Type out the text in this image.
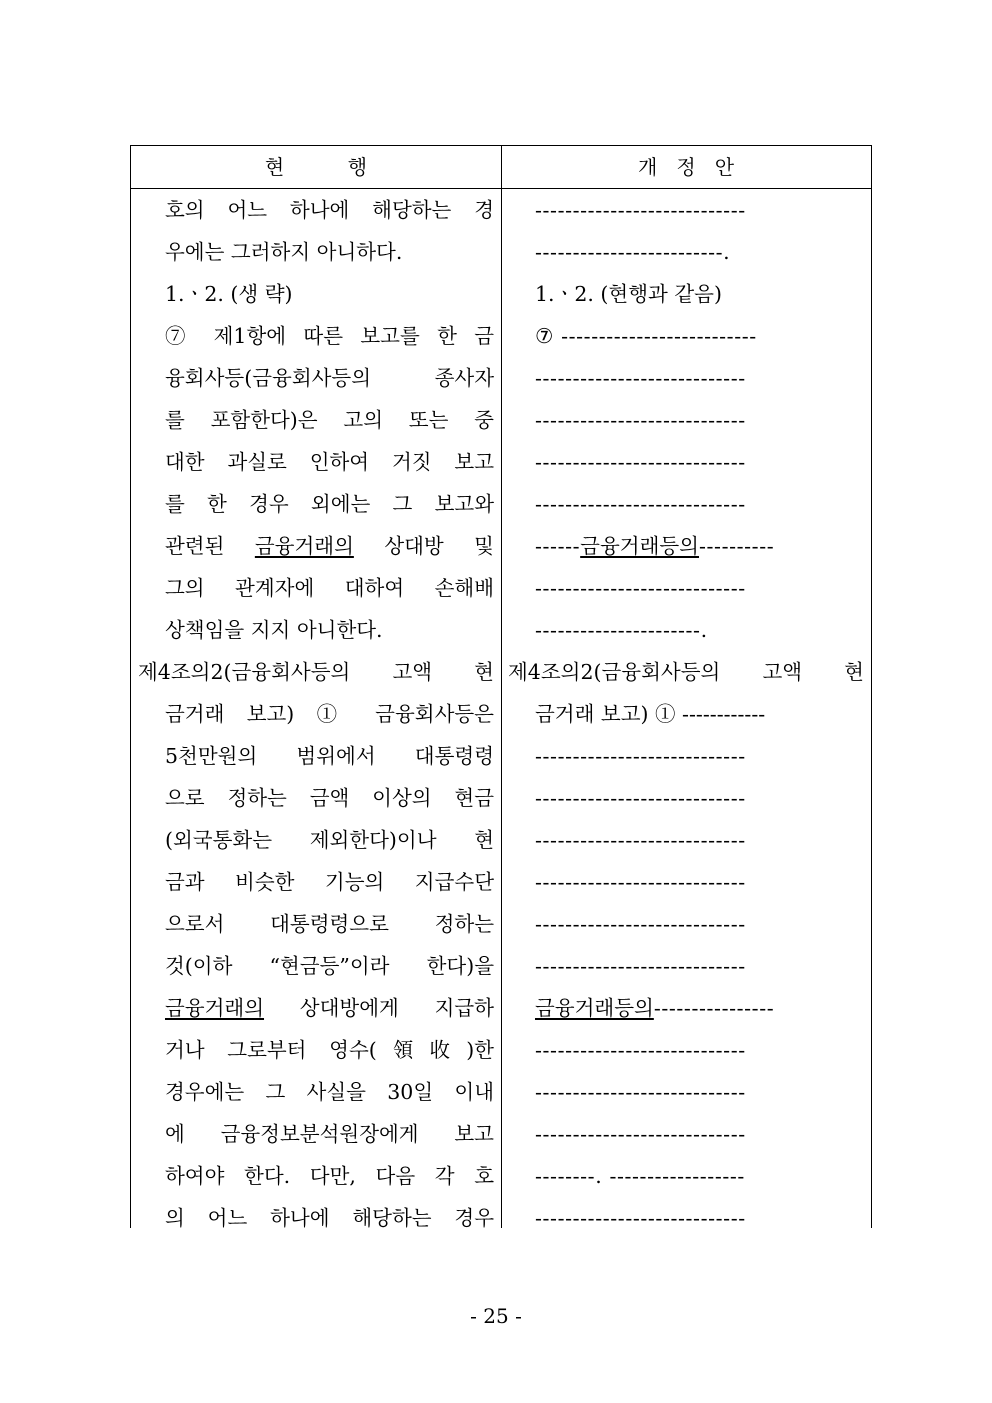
현          행	개   정   안
호의 어느 하나에 해당하는 경
우에는 그러하지 아니하다.
1.ㆍ2. (생 략)
⑦ 제1항에 따른 보고를 한 금
융회사등(금융회사등의 종사자
를 포함한다)은 고의 또는 중
대한 과실로 인하여 거짓 보고
를 한 경우 외에는 그 보고와
관련된 금융거래의 상대방 및
그의 관계자에 대하여 손해배
상책임을 지지 아니한다.
제4조의2(금융회사등의 고액 현
금거래 보고) ① 금융회사등은
5천만원의 범위에서 대통령령
으로 정하는 금액 이상의 현금
(외국통화는 제외한다)이나 현
금과 비슷한 기능의 지급수단
으로서 대통령령으로 정하는
것(이하 “현금등”이라 한다)을
금융거래의 상대방에게 지급하
거나 그로부터 영수(領收)한
경우에는 그 사실을 30일 이내
에 금융정보분석원장에게 보고
하여야 한다. 다만, 다음 각 호
의 어느 하나에 해당하는 경우
----------------------------
-------------------------.
1.ㆍ2. (현행과 같음)
⑦ --------------------------
----------------------------
----------------------------
----------------------------
----------------------------
------금융거래등의----------
----------------------------
----------------------.
제4조의2(금융회사등의 고액 현
금거래 보고) ① ------------
----------------------------
----------------------------
----------------------------
----------------------------
----------------------------
----------------------------
금융거래등의----------------
----------------------------
----------------------------
----------------------------
--------. ------------------
----------------------------
- 25 -
